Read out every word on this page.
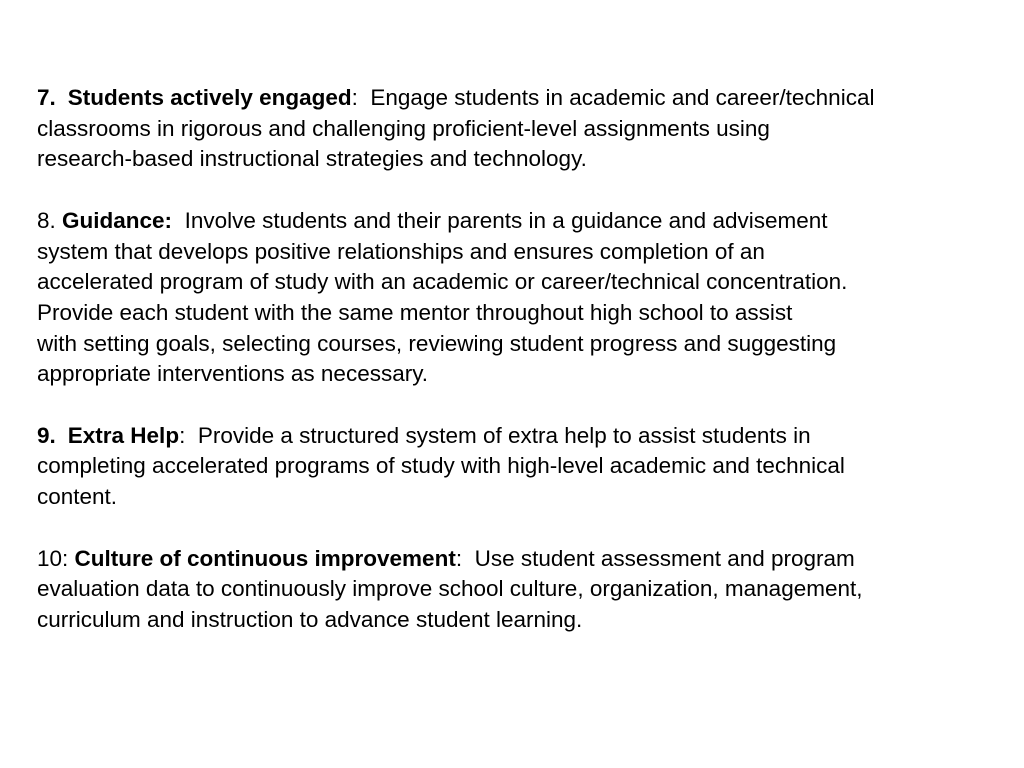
7. Students actively engaged: Engage students in academic and career/technical
classrooms in rigorous and challenging proficient-level assignments using
research-based instructional strategies and technology.
8. Guidance: Involve students and their parents in a guidance and advisement
system that develops positive relationships and ensures completion of an
accelerated program of study with an academic or career/technical concentration.
Provide each student with the same mentor throughout high school to assist
with setting goals, selecting courses, reviewing student progress and suggesting
appropriate interventions as necessary.
9. Extra Help: Provide a structured system of extra help to assist students in
completing accelerated programs of study with high-level academic and technical
content.
10: Culture of continuous improvement: Use student assessment and program
evaluation data to continuously improve school culture, organization, management,
curriculum and instruction to advance student learning.
